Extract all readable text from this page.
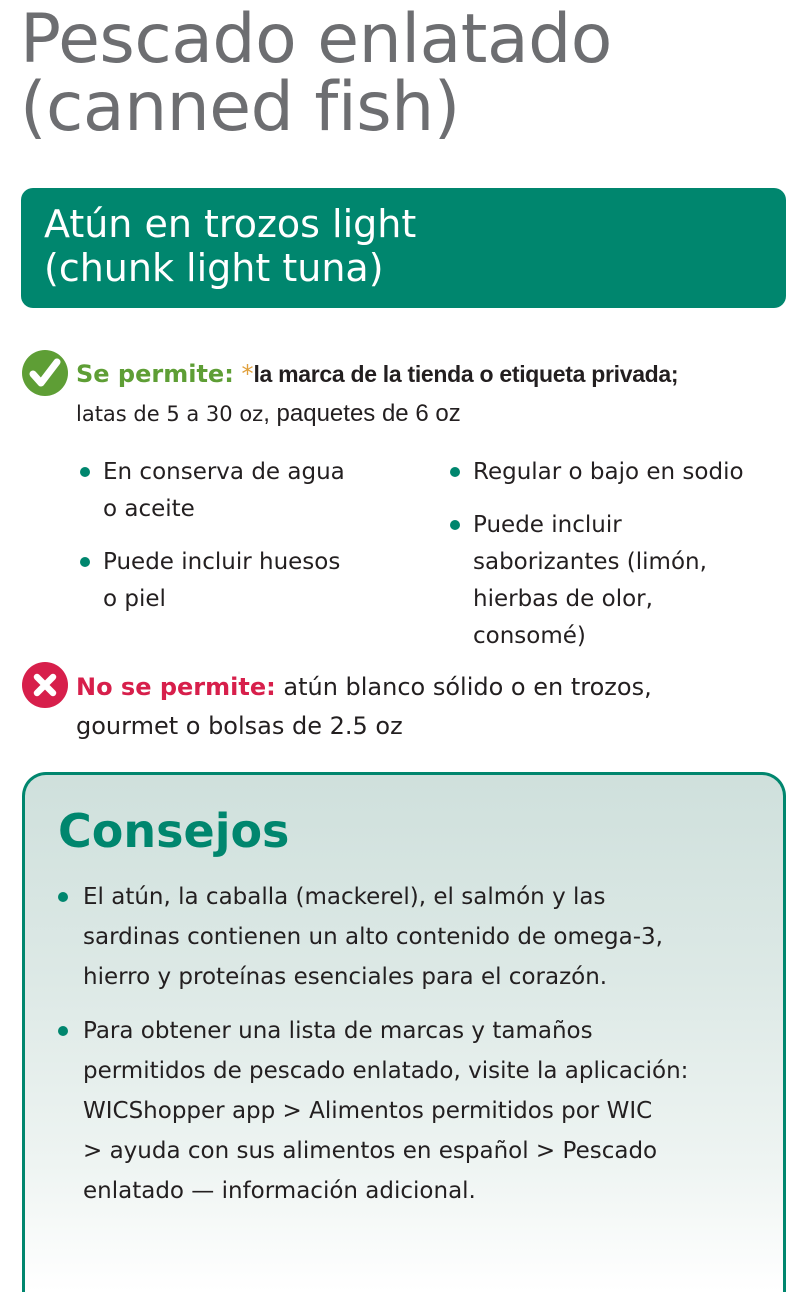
Pescado enlatado
(canned fish)
Atún en trozos light
(chunk light tuna)
Se permite: *la marca de la tienda o etiqueta privada;
latas de 5 a 30 oz, paquetes de 6 oz
En conserva de agua
o aceite
Puede incluir huesos
o piel
Regular o bajo en sodio
Puede incluir
saborizantes (limón,
hierbas de olor,
consomé)
No se permite: atún blanco sólido o en trozos,
gourmet o bolsas de 2.5 oz
Consejos
El atún, la caballa (mackerel), el salmón y las
sardinas contienen un alto contenido de omega-3,
hierro y proteínas esenciales para el corazón.
Para obtener una lista de marcas y tamaños
permitidos de pescado enlatado, visite la aplicación:
WICShopper app > Alimentos permitidos por WIC
> ayuda con sus alimentos en español > Pescado
enlatado — información adicional.
